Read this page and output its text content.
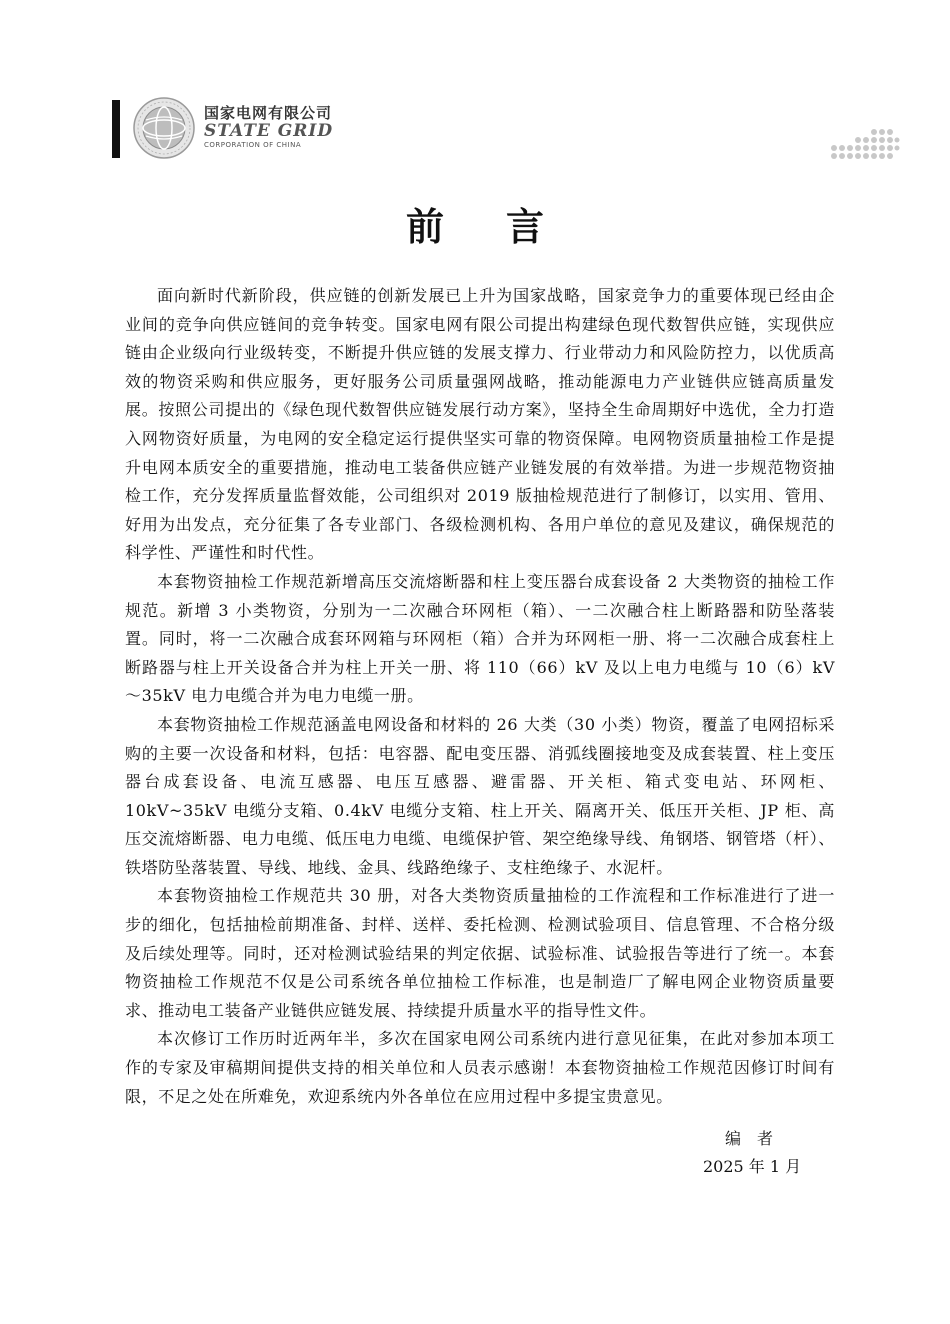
国家电网有限公司
STATE GRID
CORPORATION OF CHINA
前言

面向新时代新阶段，供应链的创新发展已上升为国家战略，国家竞争力的重要体现已经由企业间的竞争向供应链间的竞争转变。国家电网有限公司提出构建绿色现代数智供应链，实现供应链由企业级向行业级转变，不断提升供应链的发展支撑力、行业带动力和风险防控力，以优质高效的物资采购和供应服务，更好服务公司质量强网战略，推动能源电力产业链供应链高质量发展。按照公司提出的《绿色现代数智供应链发展行动方案》，坚持全生命周期好中选优，全力打造入网物资好质量，为电网的安全稳定运行提供坚实可靠的物资保障。电网物资质量抽检工作是提升电网本质安全的重要措施，推动电工装备供应链产业链发展的有效举措。为进一步规范物资抽检工作，充分发挥质量监督效能，公司组织对 2019 版抽检规范进行了制修订，以实用、管用、好用为出发点，充分征集了各专业部门、各级检测机构、各用户单位的意见及建议，确保规范的科学性、严谨性和时代性。

本套物资抽检工作规范新增高压交流熔断器和柱上变压器台成套设备 2 大类物资的抽检工作规范。新增 3 小类物资，分别为一二次融合环网柜（箱）、一二次融合柱上断路器和防坠落装置。同时，将一二次融合成套环网箱与环网柜（箱）合并为环网柜一册、将一二次融合成套柱上断路器与柱上开关设备合并为柱上开关一册、将 110（66）kV 及以上电力电缆与 10（6）kV～35kV 电力电缆合并为电力电缆一册。

本套物资抽检工作规范涵盖电网设备和材料的 26 大类（30 小类）物资，覆盖了电网招标采购的主要一次设备和材料，包括：电容器、配电变压器、消弧线圈接地变及成套装置、柱上变压器台成套设备、电流互感器、电压互感器、避雷器、开关柜、箱式变电站、环网柜、10kV~35kV 电缆分支箱、0.4kV 电缆分支箱、柱上开关、隔离开关、低压开关柜、JP 柜、高压交流熔断器、电力电缆、低压电力电缆、电缆保护管、架空绝缘导线、角钢塔、钢管塔（杆）、铁塔防坠落装置、导线、地线、金具、线路绝缘子、支柱绝缘子、水泥杆。

本套物资抽检工作规范共 30 册，对各大类物资质量抽检的工作流程和工作标准进行了进一步的细化，包括抽检前期准备、封样、送样、委托检测、检测试验项目、信息管理、不合格分级及后续处理等。同时，还对检测试验结果的判定依据、试验标准、试验报告等进行了统一。本套物资抽检工作规范不仅是公司系统各单位抽检工作标准，也是制造厂了解电网企业物资质量要求、推动电工装备产业链供应链发展、持续提升质量水平的指导性文件。

本次修订工作历时近两年半，多次在国家电网公司系统内进行意见征集，在此对参加本项工作的专家及审稿期间提供支持的相关单位和人员表示感谢！本套物资抽检工作规范因修订时间有限，不足之处在所难免，欢迎系统内外各单位在应用过程中多提宝贵意见。

编者
2025 年 1 月
